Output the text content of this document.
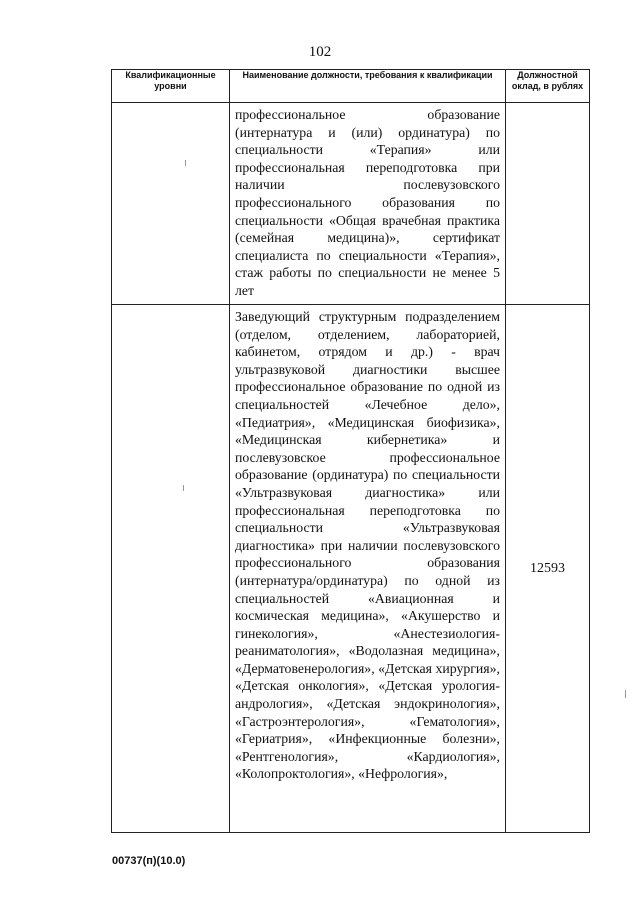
102
Квалификационные уровни	Наименование должности, требования к квалификации	Должностной оклад, в рублях

	профессиональное образование (интернатура и (или) ординатура) по специальности «Терапия» или профессиональная переподготовка при наличии послевузовского профессионального образования по специальности «Общая врачебная практика (семейная медицина)», сертификат специалиста по специальности «Терапия», стаж работы по специальности не менее 5 лет	

	Заведующий структурным подразделением (отделом, отделением, лабораторией, кабинетом, отрядом и др.) - врач ультразвуковой диагностики высшее профессиональное образование по одной из специальностей «Лечебное дело», «Педиатрия», «Медицинская биофизика», «Медицинская кибернетика» и послевузовское профессиональное образование (ординатура) по специальности «Ультразвуковая диагностика» или профессиональная переподготовка по специальности «Ультразвуковая диагностика» при наличии послевузовского профессионального образования (интернатура/ординатура) по одной из специальностей «Авиационная и космическая медицина», «Акушерство и гинекология», «Анестезиология-реаниматология», «Водолазная медицина», «Дерматовенерология», «Детская хирургия», «Детская онкология», «Детская урология-андрология», «Детская эндокринология», «Гастроэнтерология», «Гематология», «Гериатрия», «Инфекционные болезни», «Рентгенология», «Кардиология», «Колопроктология», «Нефрология»,	12593
00737(п)(10.0)
